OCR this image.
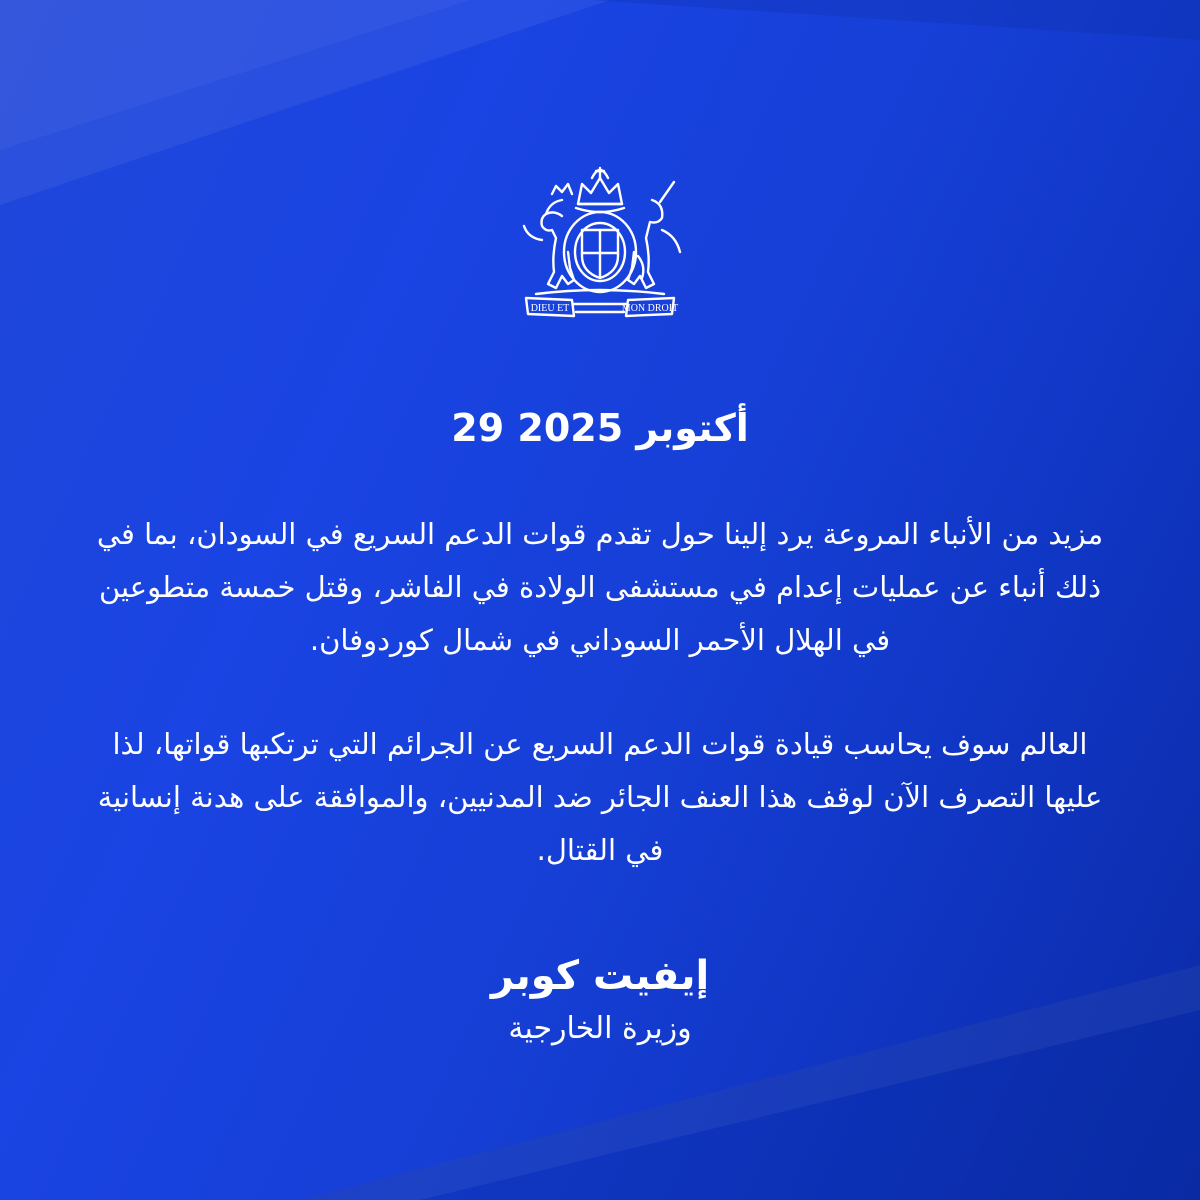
DIEU ET	MON DROIT
29 أكتوبر 2025
مزيد من الأنباء المروعة يرد إلينا حول تقدم قوات الدعم السريع في السودان، بما في ذلك أنباء عن عمليات إعدام في مستشفى الولادة في الفاشر، وقتل خمسة متطوعين في الهلال الأحمر السوداني في شمال كوردوفان.
العالم سوف يحاسب قيادة قوات الدعم السريع عن الجرائم التي ترتكبها قواتها، لذا عليها التصرف الآن لوقف هذا العنف الجائر ضد المدنيين، والموافقة على هدنة إنسانية في القتال.
إيفيت كوبر
وزيرة الخارجية
